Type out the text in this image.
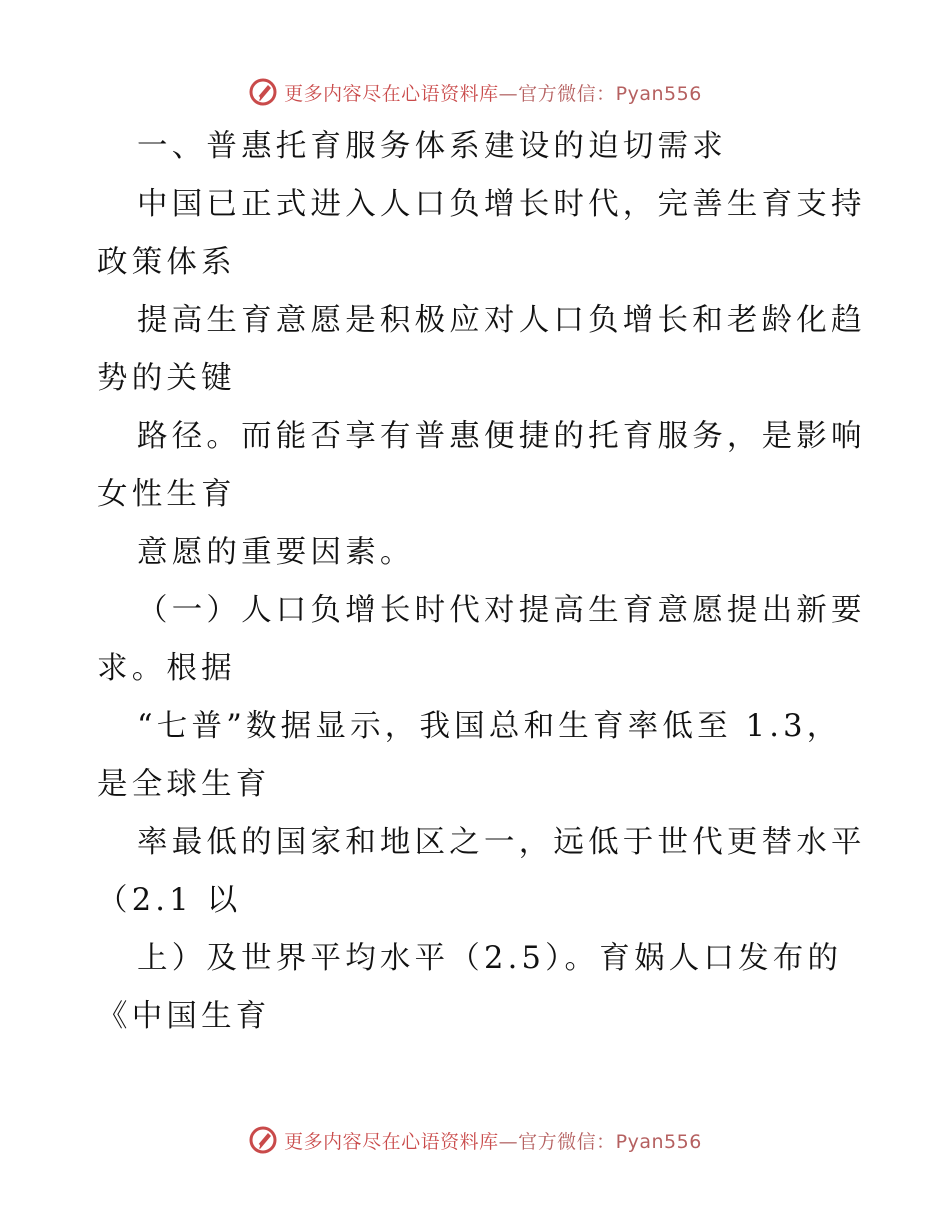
更多内容尽在心语资料库—官方微信：Pyan556
一、普惠托育服务体系建设的迫切需求
中国已正式进入人口负增长时代，完善生育支持
政策体系
提高生育意愿是积极应对人口负增长和老龄化趋
势的关键
路径。而能否享有普惠便捷的托育服务，是影响
女性生育
意愿的重要因素。
（一）人口负增长时代对提高生育意愿提出新要
求。根据
“七普”数据显示，我国总和生育率低至 1.3，
是全球生育
率最低的国家和地区之一，远低于世代更替水平
（2.1 以
上）及世界平均水平（2.5）。育娲人口发布的
《中国生育
更多内容尽在心语资料库—官方微信：Pyan556
